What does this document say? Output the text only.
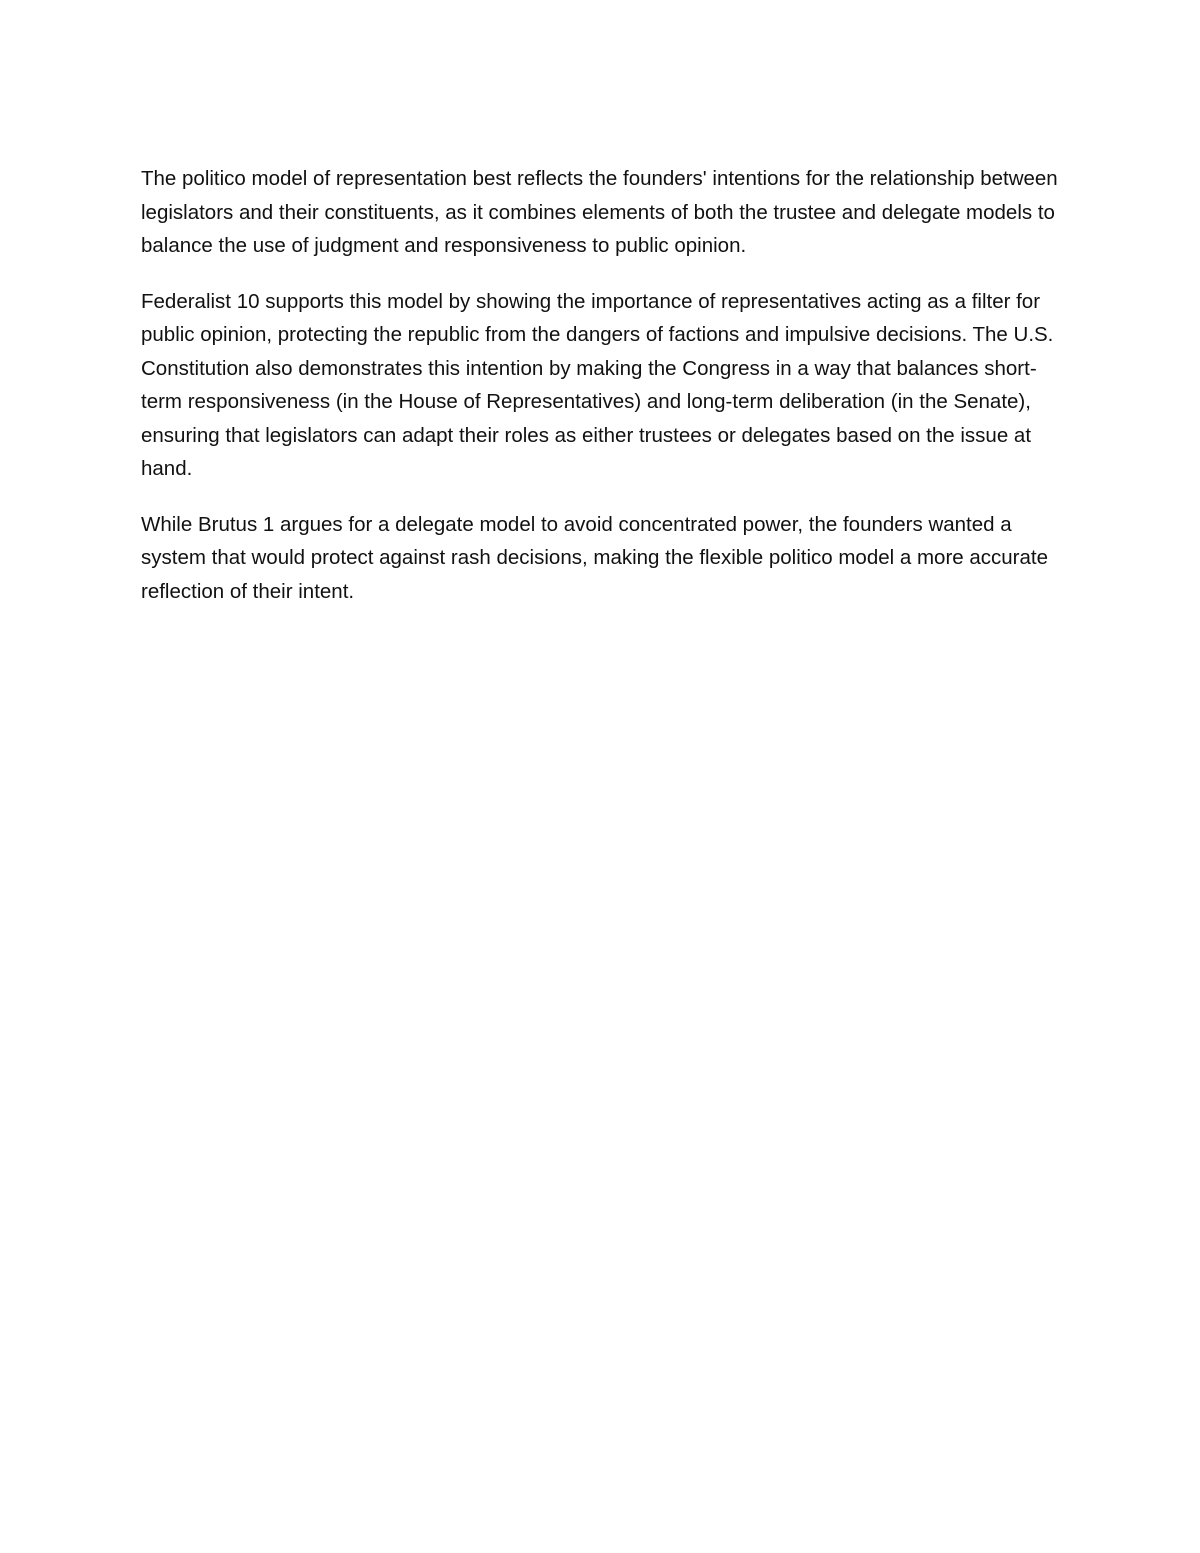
The politico model of representation best reflects the founders' intentions for the relationship between legislators and their constituents, as it combines elements of both the trustee and delegate models to balance the use of judgment and responsiveness to public opinion.

Federalist 10 supports this model by showing the importance of representatives acting as a filter for public opinion, protecting the republic from the dangers of factions and impulsive decisions. The U.S. Constitution also demonstrates this intention by making the Congress in a way that balances short-term responsiveness (in the House of Representatives) and long-term deliberation (in the Senate), ensuring that legislators can adapt their roles as either trustees or delegates based on the issue at hand.

While Brutus 1 argues for a delegate model to avoid concentrated power, the founders wanted a system that would protect against rash decisions, making the flexible politico model a more accurate reflection of their intent.
